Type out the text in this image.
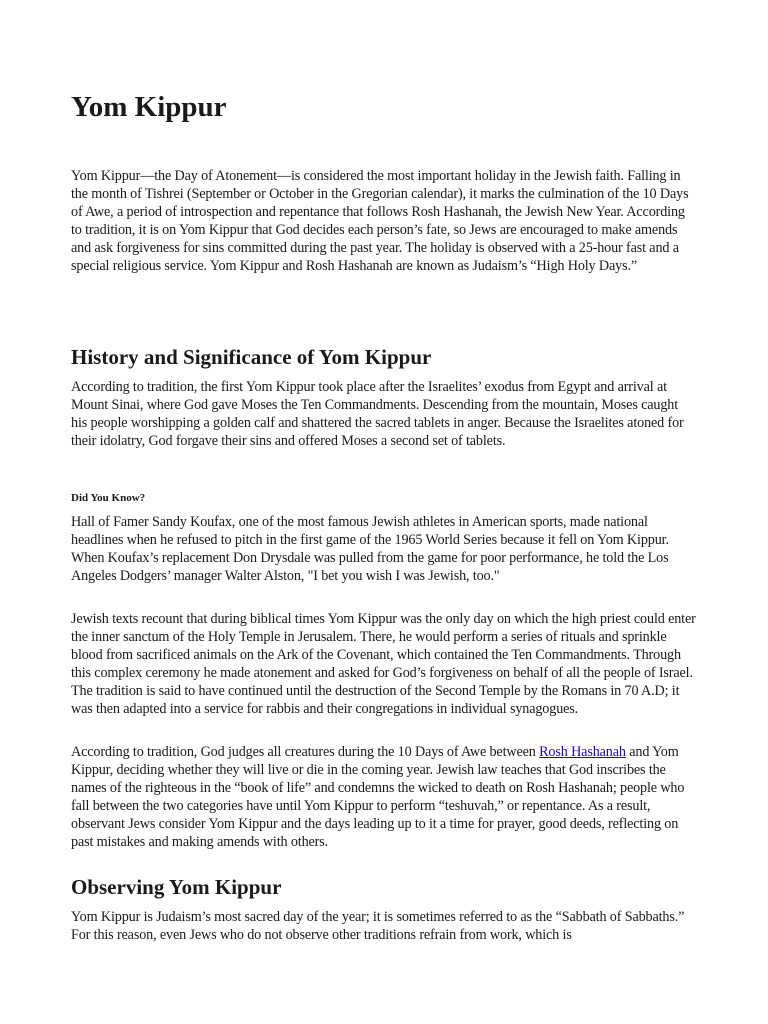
Yom Kippur

Yom Kippur—the Day of Atonement—is considered the most important holiday in the Jewish faith. Falling in the month of Tishrei (September or October in the Gregorian calendar), it marks the culmination of the 10 Days of Awe, a period of introspection and repentance that follows Rosh Hashanah, the Jewish New Year. According to tradition, it is on Yom Kippur that God decides each person’s fate, so Jews are encouraged to make amends and ask forgiveness for sins committed during the past year. The holiday is observed with a 25-hour fast and a special religious service. Yom Kippur and Rosh Hashanah are known as Judaism’s “High Holy Days.”

History and Significance of Yom Kippur

According to tradition, the first Yom Kippur took place after the Israelites’ exodus from Egypt and arrival at Mount Sinai, where God gave Moses the Ten Commandments. Descending from the mountain, Moses caught his people worshipping a golden calf and shattered the sacred tablets in anger. Because the Israelites atoned for their idolatry, God forgave their sins and offered Moses a second set of tablets.

Did You Know?

Hall of Famer Sandy Koufax, one of the most famous Jewish athletes in American sports, made national headlines when he refused to pitch in the first game of the 1965 World Series because it fell on Yom Kippur. When Koufax’s replacement Don Drysdale was pulled from the game for poor performance, he told the Los Angeles Dodgers’ manager Walter Alston, "I bet you wish I was Jewish, too."

Jewish texts recount that during biblical times Yom Kippur was the only day on which the high priest could enter the inner sanctum of the Holy Temple in Jerusalem. There, he would perform a series of rituals and sprinkle blood from sacrificed animals on the Ark of the Covenant, which contained the Ten Commandments. Through this complex ceremony he made atonement and asked for God’s forgiveness on behalf of all the people of Israel. The tradition is said to have continued until the destruction of the Second Temple by the Romans in 70 A.D; it was then adapted into a service for rabbis and their congregations in individual synagogues.

According to tradition, God judges all creatures during the 10 Days of Awe between Rosh Hashanah and Yom Kippur, deciding whether they will live or die in the coming year. Jewish law teaches that God inscribes the names of the righteous in the “book of life” and condemns the wicked to death on Rosh Hashanah; people who fall between the two categories have until Yom Kippur to perform “teshuvah,” or repentance. As a result, observant Jews consider Yom Kippur and the days leading up to it a time for prayer, good deeds, reflecting on past mistakes and making amends with others.

Observing Yom Kippur

Yom Kippur is Judaism’s most sacred day of the year; it is sometimes referred to as the “Sabbath of Sabbaths.” For this reason, even Jews who do not observe other traditions refrain from work, which is
